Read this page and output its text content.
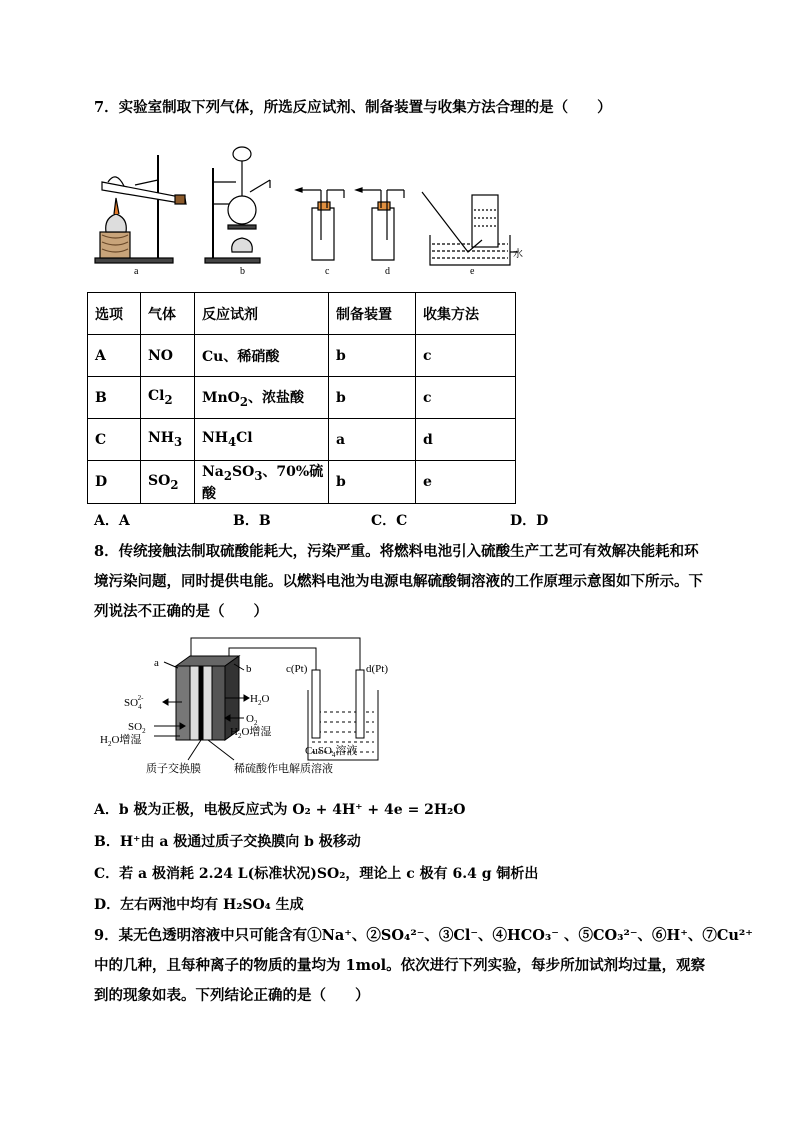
7．实验室制取下列气体，所选反应试剂、制备装置与收集方法合理的是（　　）
a	b	c	d	e
水
选项	气体	反应试剂	制备装置	收集方法
A	NO	Cu、稀硝酸	b	c
B	$Cl_2$	MnO$_2$、浓盐酸	b	c
C	$NH_3$	$NH_4Cl$	a	d
D	$SO_2$	$Na_2SO_3$、70%硫酸	b	e
A．A	B．B	C．C	D．D
8．传统接触法制取硫酸能耗大，污染严重。将燃料电池引入硫酸生产工艺可有效解决能耗和环
境污染问题，同时提供电能。以燃料电池为电源电解硫酸铜溶液的工作原理示意图如下所示。下
列说法不正确的是（　　）
a	b	c(Pt)	d(Pt)
$SO_42-$
$SO_2$
$H_2O$增湿
$H_2O$
$O_2$
$H_2O$增湿
CuSO$_4$溶液
质子交换膜	稀硫酸作电解质溶液
A．b 极为正极，电极反应式为 O₂ + 4H⁺ + 4e = 2H₂O
B．H⁺由 a 极通过质子交换膜向 b 极移动
C．若 a 极消耗 2.24 L(标准状况)SO₂，理论上 c 极有 6.4 g 铜析出
D．左右两池中均有 H₂SO₄ 生成
9．某无色透明溶液中只可能含有①Na⁺、②SO₄²⁻、③Cl⁻、④HCO₃⁻ 、⑤CO₃²⁻、⑥H⁺、⑦Cu²⁺
中的几种，且每种离子的物质的量均为 1mol。依次进行下列实验，每步所加试剂均过量，观察
到的现象如表。下列结论正确的是（　　）
